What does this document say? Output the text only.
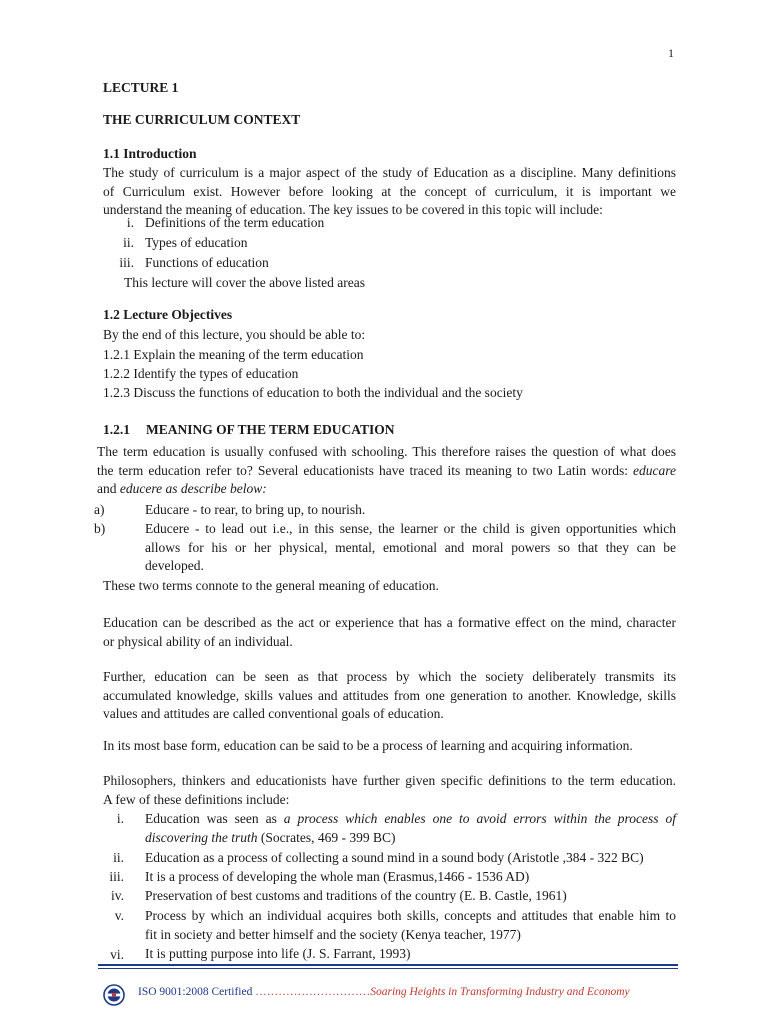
1
LECTURE 1
THE CURRICULUM CONTEXT
1.1 Introduction
The study of curriculum is a major aspect of the study of Education as a discipline. Many definitions
of Curriculum exist. However before looking at the concept of curriculum, it is important we
understand the meaning of education. The key issues to be covered in this topic will include:
i. Definitions of the term education
ii. Types of education
iii. Functions of education
This lecture will cover the above listed areas
1.2 Lecture Objectives
By the end of this lecture, you should be able to:
1.2.1 Explain the meaning of the term education
1.2.2 Identify the types of education
1.2.3 Discuss the functions of education to both the individual and the society
1.2.1 MEANING OF THE TERM EDUCATION
The term education is usually confused with schooling. This therefore raises the question of what does
the term education refer to? Several educationists have traced its meaning to two Latin words: educare
and educere as describe below:
a)	Educare - to rear, to bring up, to nourish.
b)	Educere - to lead out i.e., in this sense, the learner or the child is given opportunities which
allows for his or her physical, mental, emotional and moral powers so that they can be
developed.
These two terms connote to the general meaning of education.
Education can be described as the act or experience that has a formative effect on the mind, character
or physical ability of an individual.
Further, education can be seen as that process by which the society deliberately transmits its
accumulated knowledge, skills values and attitudes from one generation to another. Knowledge, skills
values and attitudes are called conventional goals of education.
In its most base form, education can be said to be a process of learning and acquiring information.
Philosophers, thinkers and educationists have further given specific definitions to the term education.
A few of these definitions include:
i. Education was seen as a process which enables one to avoid errors within the process of
discovering the truth (Socrates, 469 - 399 BC)
ii. Education as a process of collecting a sound mind in a sound body (Aristotle ,384 - 322 BC)
iii. It is a process of developing the whole man (Erasmus,1466 - 1536 AD)
iv. Preservation of best customs and traditions of the country (E. B. Castle, 1961)
v. Process by which an individual acquires both skills, concepts and attitudes that enable him to
fit in society and better himself and the society (Kenya teacher, 1977)
vi. It is putting purpose into life (J. S. Farrant, 1993)
ISO 9001:2008 Certified …………………………Soaring Heights in Transforming Industry and Economy
